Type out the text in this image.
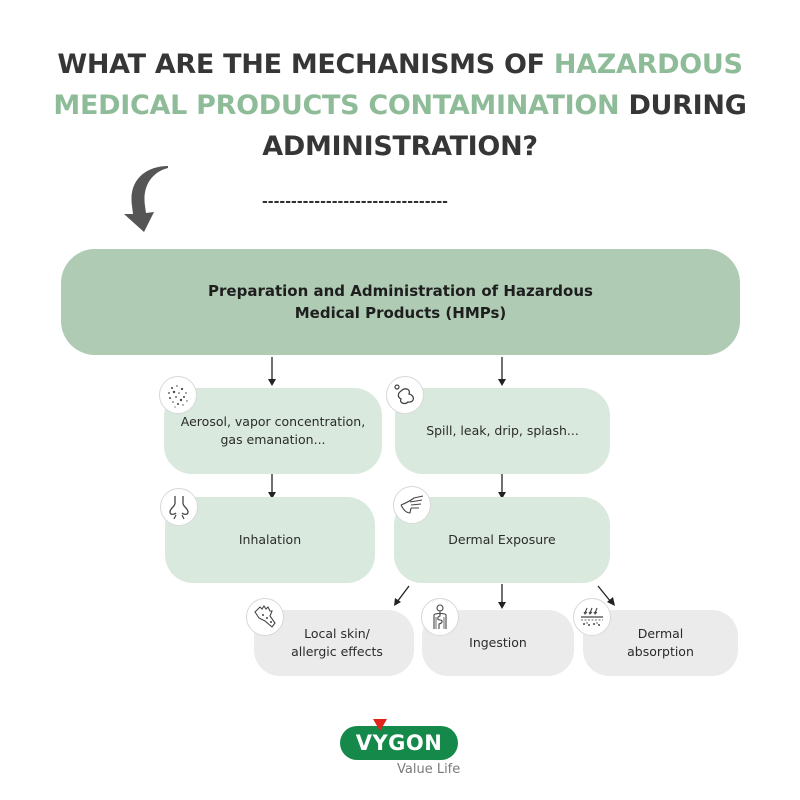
WHAT ARE THE MECHANISMS OF HAZARDOUS MEDICAL PRODUCTS CONTAMINATION DURING ADMINISTRATION?
--------------------------------
Preparation and Administration of Hazardous Medical Products (HMPs)
Aerosol, vapor concentration, gas emanation...
Spill, leak, drip, splash...
Inhalation	Dermal Exposure
Local skin/ allergic effects
Ingestion
Dermal absorption
VYGON
Value Life
